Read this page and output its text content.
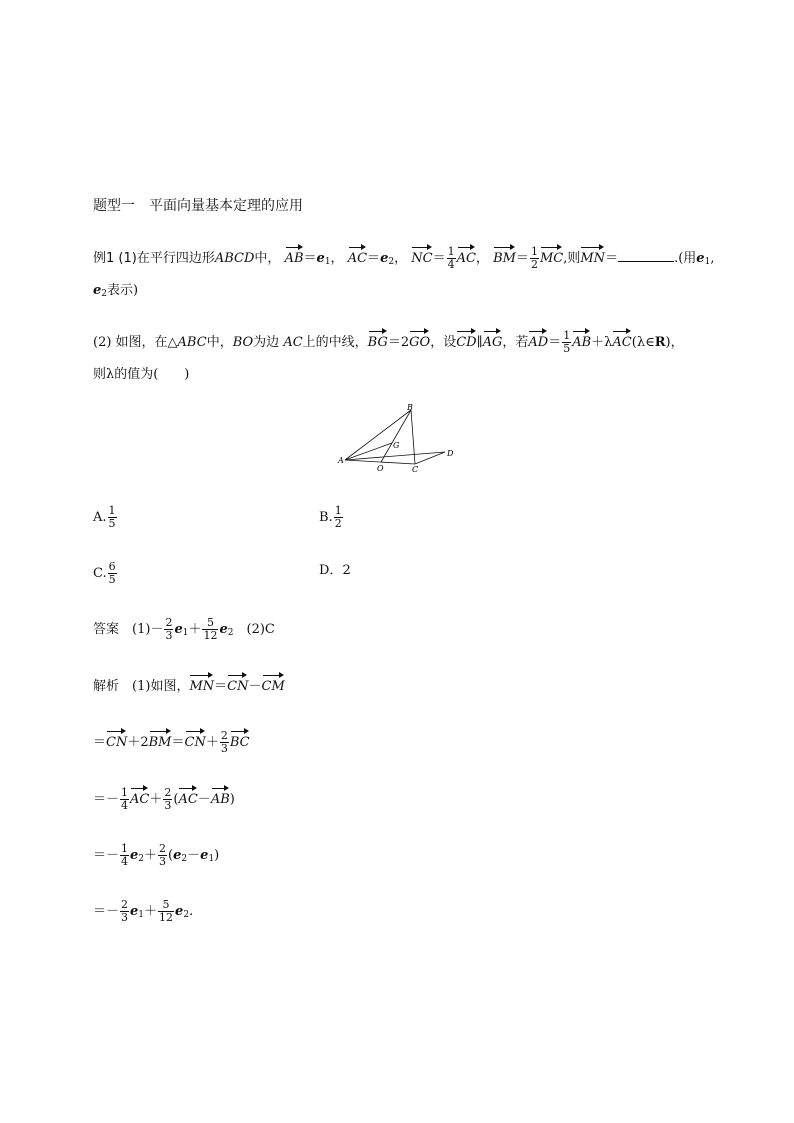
题型一　平面向量基本定理的应用
例1 (1)在平行四边形ABCD中， $AB=e_1$， $AC=e_2$， $NC= \frac{1}{4}$ AC， $BM= \frac{1}{2}$ MC,则MN＝	.(用$e_1$,
$e_2$表示)
(2) 如图，在△ABC中，BO为边 AC上的中线，BG＝2GO，设CD∥AG，若$AD= \frac{1}{5}$ AB＋λAC(λ∈R)，
则λ的值为(　　)
A
B
C
D
G
O
A. $\frac{1}{5}$	B. $\frac{1}{2}$
C. $\frac{6}{5}$	D．2
答案　 $(1)- \frac{2}{3} e_1+ \frac{5}{12} e_2$　 (2)C
解析　 (1)如图，MN＝CN－CM
$=CN+2BM=CN+ \frac{2}{3}$ BC
＝－ $\frac{1}{4} AC+ \frac{2}{3} (AC-AB)$
＝－ $\frac{1}{4} e_2+ \frac{2}{3} (e_2-e_1)$
＝－ $\frac{2}{3} e_1+ \frac{5}{12} e_2$.
